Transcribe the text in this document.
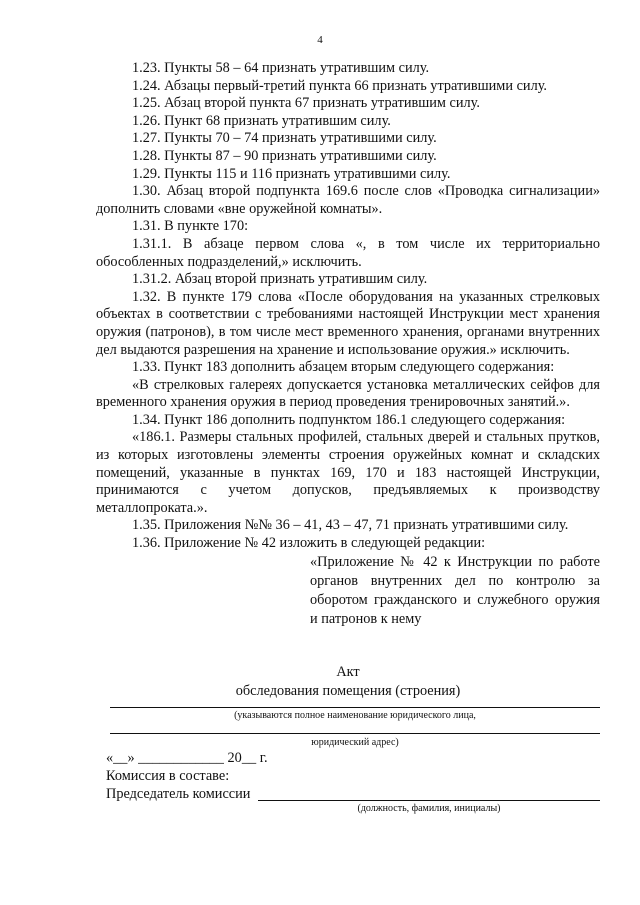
4

1.23. Пункты 58 – 64 признать утратившим силу.

1.24. Абзацы первый-третий пункта 66 признать утратившими силу.

1.25. Абзац второй пункта 67 признать утратившим силу.

1.26. Пункт 68 признать утратившим силу.

1.27. Пункты 70 – 74 признать утратившими силу.

1.28. Пункты 87 – 90 признать утратившими силу.

1.29. Пункты 115 и 116 признать утратившими силу.

1.30. Абзац второй подпункта 169.6 после слов «Проводка сигнализации» дополнить словами «вне оружейной комнаты».

1.31. В пункте 170:

1.31.1. В абзаце первом слова «, в том числе их территориально обособленных подразделений,» исключить.

1.31.2. Абзац второй признать утратившим силу.

1.32. В пункте 179 слова «После оборудования на указанных стрелковых объектах в соответствии с требованиями настоящей Инструкции мест хранения оружия (патронов), в том числе мест временного хранения, органами внутренних дел выдаются разрешения на хранение и использование оружия.» исключить.

1.33. Пункт 183 дополнить абзацем вторым следующего содержания:

«В стрелковых галереях допускается установка металлических сейфов для временного хранения оружия в период проведения тренировочных занятий.».

1.34. Пункт 186 дополнить подпунктом 186.1 следующего содержания:

«186.1. Размеры стальных профилей, стальных дверей и стальных прутков, из которых изготовлены элементы строения оружейных комнат и складских помещений, указанные в пунктах 169, 170 и 183 настоящей Инструкции, принимаются с учетом допусков, предъявляемых к производству металлопроката.».

1.35. Приложения №№ 36 – 41, 43 – 47, 71 признать утратившими силу.

1.36. Приложение № 42 изложить в следующей редакции:

«Приложение № 42 к Инструкции по работе органов внутренних дел по контролю за оборотом гражданского и служебного оружия и патронов к нему

Акт
обследования помещения (строения)
(указываются полное наименование юридического лица,
юридический адрес)
«__» ____________ 20__ г.
Комиссия в составе:
Председатель комиссии
(должность, фамилия, инициалы)
